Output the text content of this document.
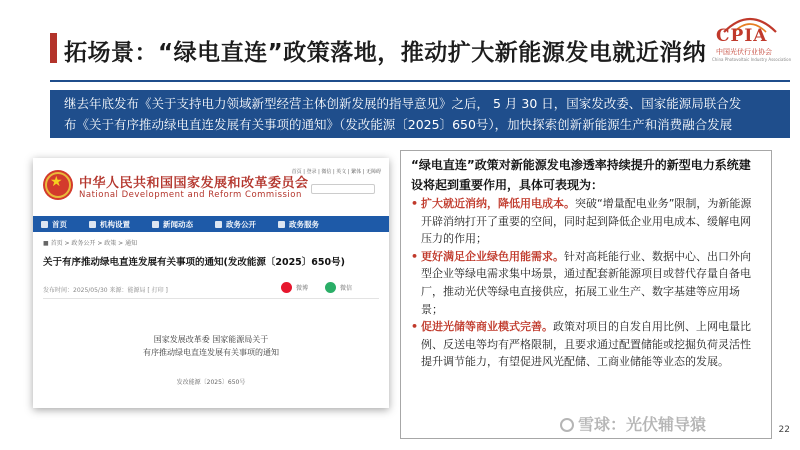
拓场景：“绿电直连”政策落地，推动扩大新能源发电就近消纳
CPIA
中国光伏行业协会
China Photovoltaic Industry Association
继去年底发布《关于支持电力领域新型经营主体创新发展的指导意见》之后， 5 月 30 日，国家发改委、国家能源局联合发
布《关于有序推动绿电直连发展有关事项的通知》（发改能源〔2025〕650号），加快探索创新新能源生产和消费融合发展
★ 中华人民共和国国家发展和改革委员会
National Development and Reform Commission
首页 | 登录 | 微信 | 英文 | 繁体 | 无障碍
首页	机构设置	新闻动态	政务公开	政务服务
■ 首页 > 政务公开 > 政策 > 通知
关于有序推动绿电直连发展有关事项的通知(发改能源〔2025〕650号)
发布时间：2025/05/30 来源：能源局 [ 打印 ]	微博	微信
国家发展改革委 国家能源局关于
有序推动绿电直连发展有关事项的通知
发改能源〔2025〕650号
“绿电直连”政策对新能源发电渗透率持续提升的新型电力系统建设将起到重要作用，具体可表现为：
• 扩大就近消纳，降低用电成本。突破“增量配电业务”限制，为新能源开辟消纳打开了重要的空间，同时起到降低企业用电成本、缓解电网压力的作用；
• 更好满足企业绿色用能需求。针对高耗能行业、数据中心、出口外向型企业等绿电需求集中场景，通过配套新能源项目或替代存量自备电厂，推动光伏等绿电直接供应，拓展工业生产、数字基建等应用场景；
• 促进光储等商业模式完善。政策对项目的自发自用比例、上网电量比例、反送电等均有严格限制，且要求通过配置储能或挖掘负荷灵活性提升调节能力，有望促进风光配储、工商业储能等业态的发展。
雪球：光伏辅导猿	22
